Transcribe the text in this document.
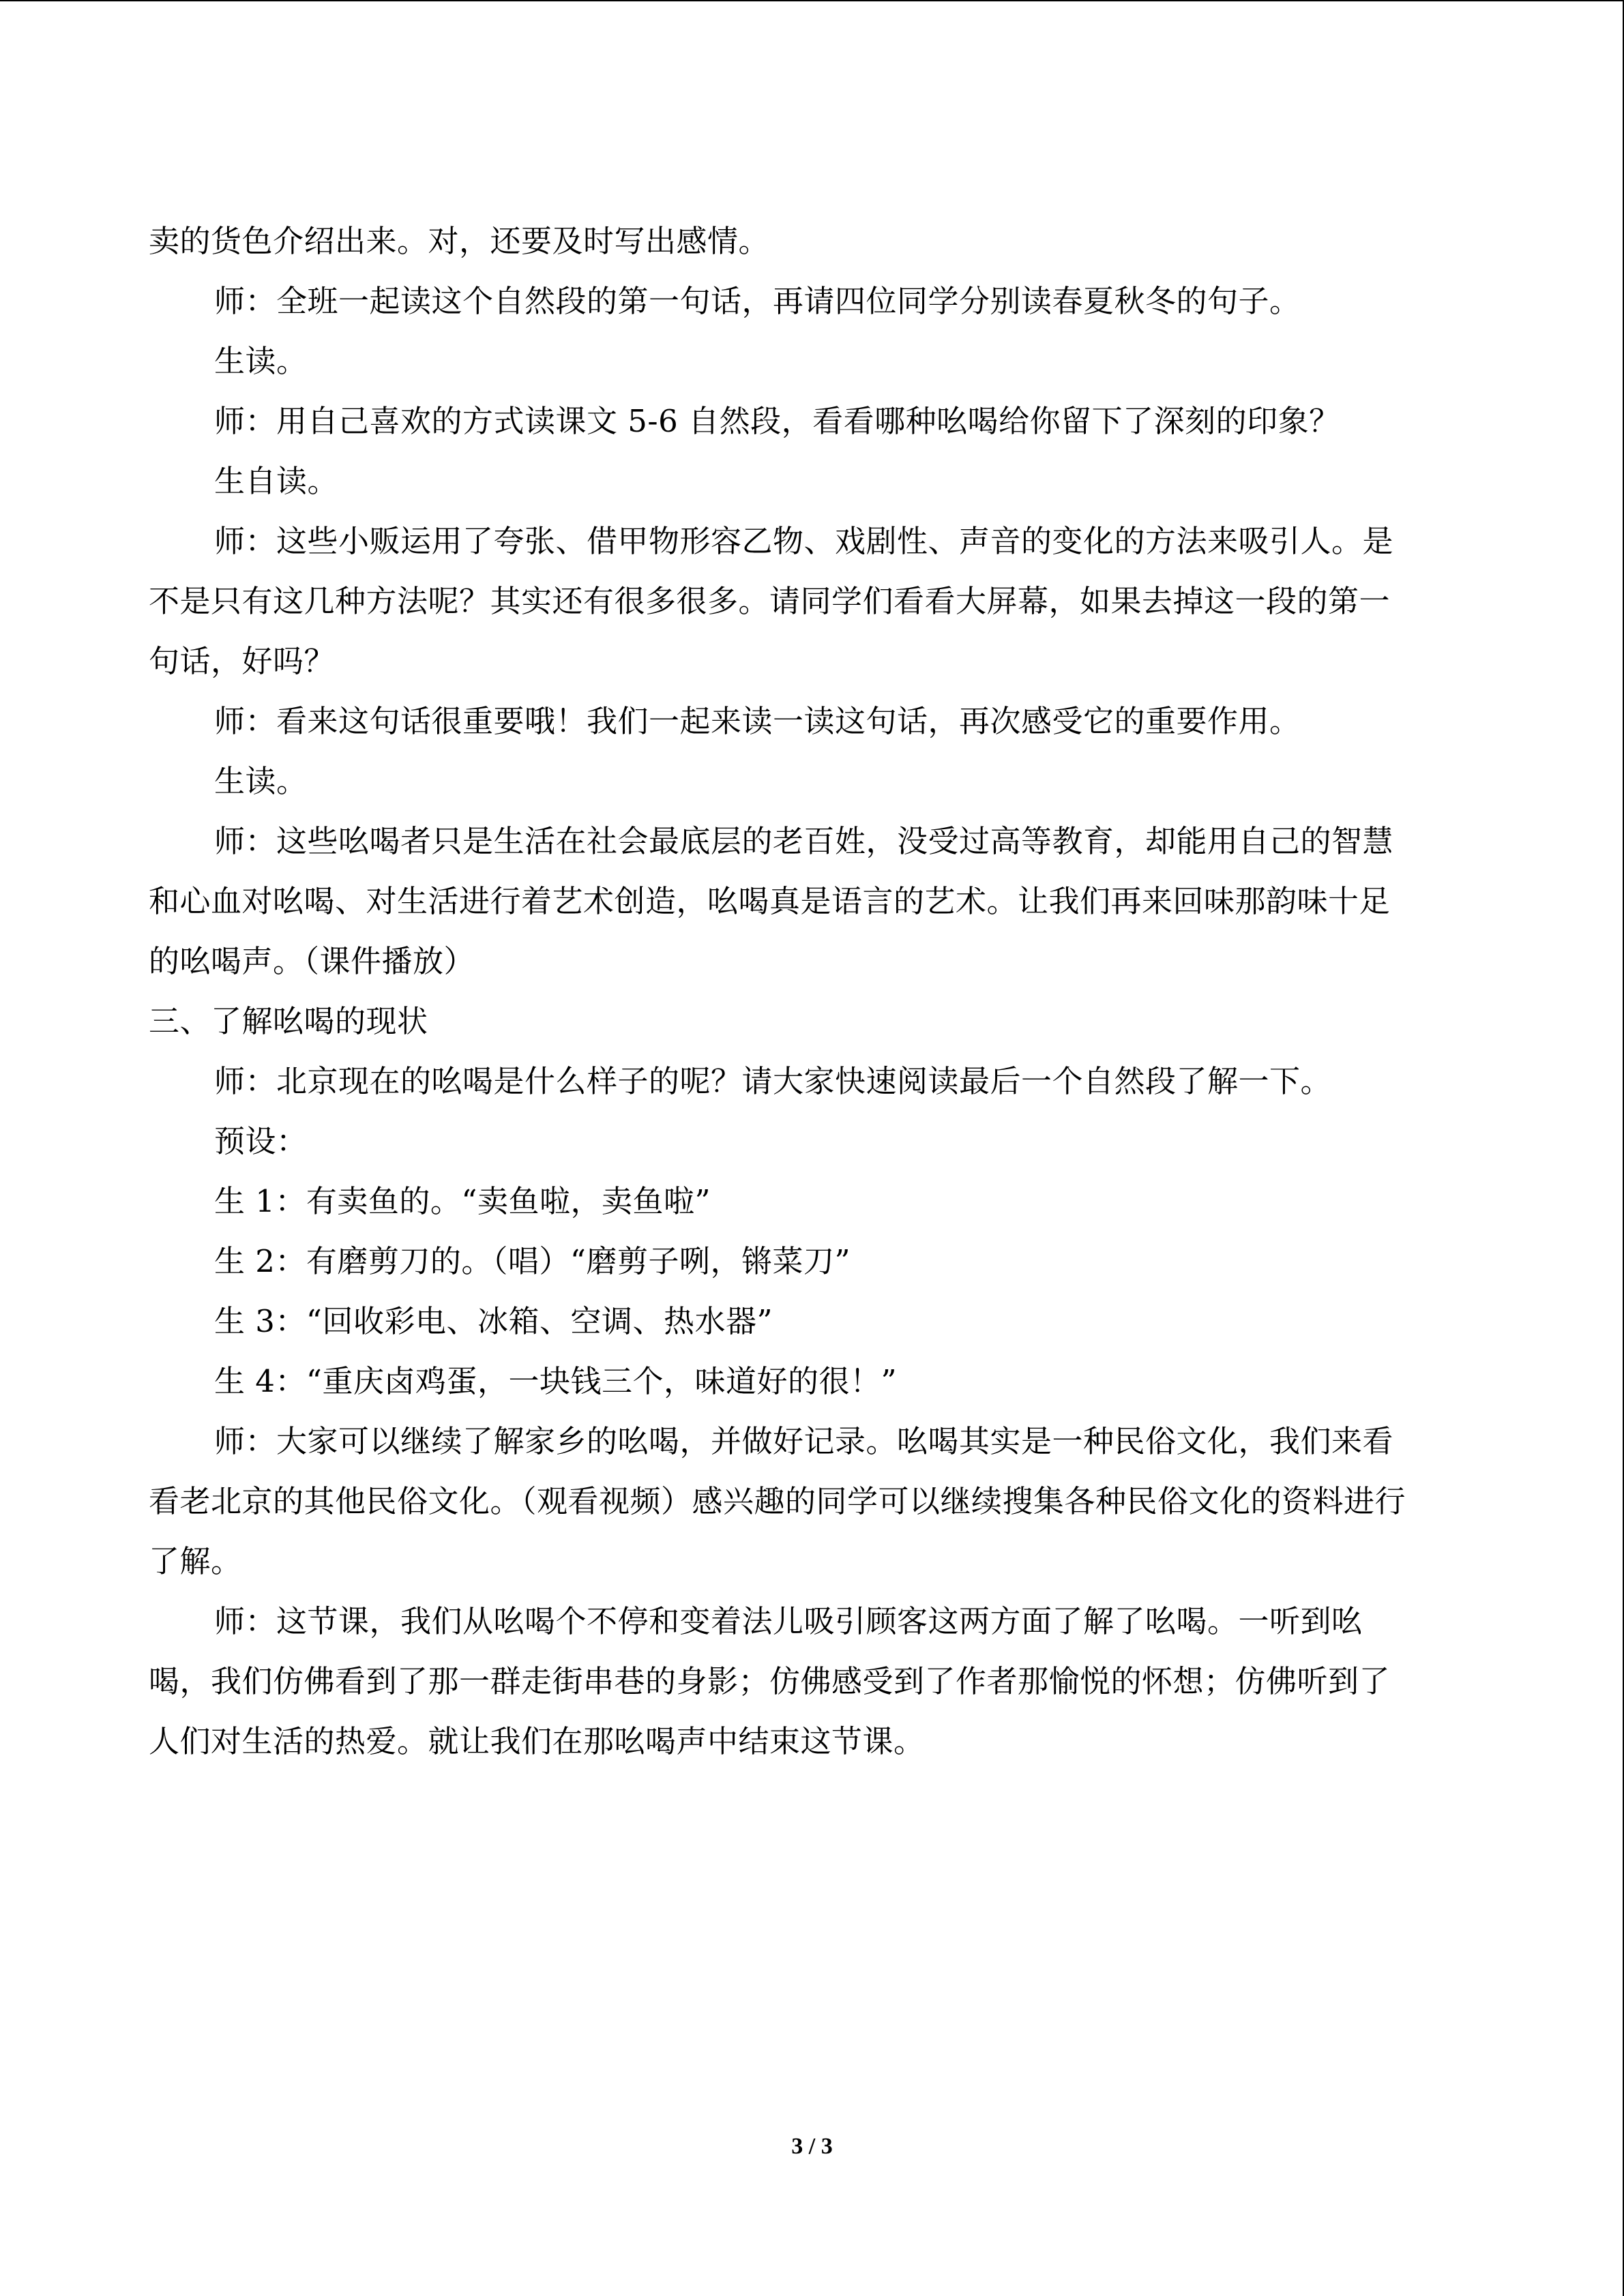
卖的货色介绍出来。对，还要及时写出感情。
师：全班一起读这个自然段的第一句话，再请四位同学分别读春夏秋冬的句子。
生读。
师：用自己喜欢的方式读课文 5-6 自然段，看看哪种吆喝给你留下了深刻的印象？
生自读。
师：这些小贩运用了夸张、借甲物形容乙物、戏剧性、声音的变化的方法来吸引人。是
不是只有这几种方法呢？其实还有很多很多。请同学们看看大屏幕，如果去掉这一段的第一
句话，好吗？
师：看来这句话很重要哦！我们一起来读一读这句话，再次感受它的重要作用。
生读。
师：这些吆喝者只是生活在社会最底层的老百姓，没受过高等教育，却能用自己的智慧
和心血对吆喝、对生活进行着艺术创造，吆喝真是语言的艺术。让我们再来回味那韵味十足
的吆喝声。（课件播放）
三、了解吆喝的现状
师：北京现在的吆喝是什么样子的呢？请大家快速阅读最后一个自然段了解一下。
预设：
生 1：有卖鱼的。“卖鱼啦，卖鱼啦”
生 2：有磨剪刀的。（唱）“磨剪子咧，锵菜刀”
生 3：“回收彩电、冰箱、空调、热水器”
生 4：“重庆卤鸡蛋，一块钱三个，味道好的很！”
师：大家可以继续了解家乡的吆喝，并做好记录。吆喝其实是一种民俗文化，我们来看
看老北京的其他民俗文化。（观看视频）感兴趣的同学可以继续搜集各种民俗文化的资料进行
了解。
师：这节课，我们从吆喝个不停和变着法儿吸引顾客这两方面了解了吆喝。一听到吆
喝，我们仿佛看到了那一群走街串巷的身影；仿佛感受到了作者那愉悦的怀想；仿佛听到了
人们对生活的热爱。就让我们在那吆喝声中结束这节课。
3 / 3
